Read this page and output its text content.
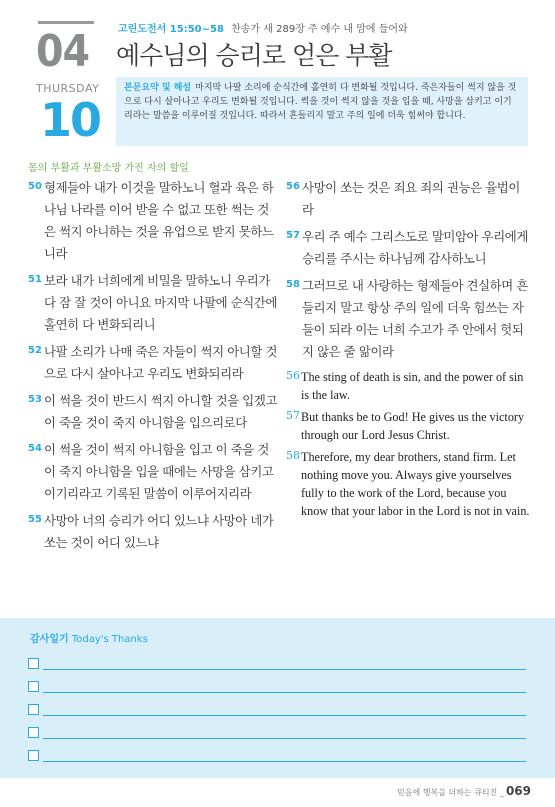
04
THURSDAY
10
고린도전서 15:50~58 찬송가 새 289장 주 예수 내 맘에 들어와
예수님의 승리로 얻은 부활
본문요약 및 해설 마지막 나팔 소리에 순식간에 홀연히 다 변화될 것입니다. 죽은자들이 썩지 않을 것으로 다시 살아나고 우리도 변화될 것입니다. 썩을 것이 썩지 않을 것을 입을 때, 사망을 삼키고 이기리라는 말씀을 이루어질 것입니다. 따라서 흔들리지 말고 주의 일에 더욱 힘써야 합니다.
몸의 부활과 부활소망 가진 자의 할일
50 형제들아 내가 이것을 말하노니 혈과 육은 하나님 나라를 이어 받을 수 없고 또한 썩는 것은 썩지 아니하는 것을 유업으로 받지 못하느니라
51 보라 내가 너희에게 비밀을 말하노니 우리가 다 잠 잘 것이 아니요 마지막 나팔에 순식간에 홀연히 다 변화되리니
52 나팔 소리가 나매 죽은 자들이 썩지 아니할 것으로 다시 살아나고 우리도 변화되리라
53 이 썩을 것이 반드시 썩지 아니할 것을 입겠고 이 죽을 것이 죽지 아니함을 입으리로다
54 이 썩을 것이 썩지 아니함을 입고 이 죽을 것이 죽지 아니함을 입을 때에는 사망을 삼키고 이기리라고 기록된 말씀이 이루어지리라
55 사망아 너의 승리가 어디 있느냐 사망아 네가 쏘는 것이 어디 있느냐
56 사망이 쏘는 것은 죄요 죄의 권능은 율법이라
57 우리 주 예수 그리스도로 말미암아 우리에게 승리를 주시는 하나님께 감사하노니
58 그러므로 내 사랑하는 형제들아 견실하며 흔들리지 말고 항상 주의 일에 더욱 힘쓰는 자들이 되라 이는 너희 수고가 주 안에서 헛되지 않은 줄 앎이라
56 The sting of death is sin, and the power of sin is the law.
57 But thanks be to God! He gives us the victory through our Lord Jesus Christ.
58 Therefore, my dear brothers, stand firm. Let nothing move you. Always give yourselves fully to the work of the Lord, because you know that your labor in the Lord is not in vain.
감사일기 Today's Thanks
믿음에 행복을 더하는 큐티진 _ 069
